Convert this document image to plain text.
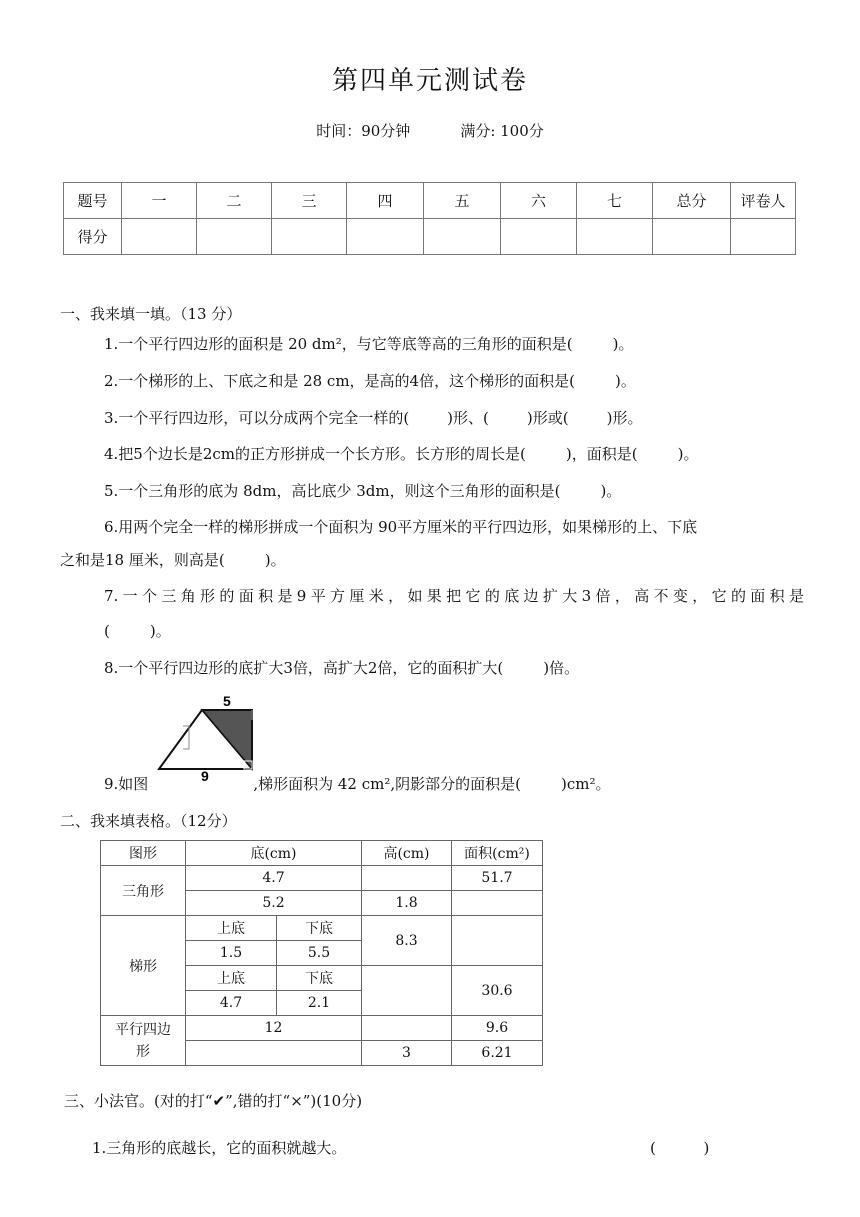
第四单元测试卷
时间：90分钟	满分: 100分
题号	一	二	三	四	五	六	七	总分	评卷人
得分									
一、我来填一填。（13 分）
1.一个平行四边形的面积是 20 dm²，与它等底等高的三角形的面积是(	)。
2.一个梯形的上、下底之和是 28 cm，是高的4倍，这个梯形的面积是(	)。
3.一个平行四边形，可以分成两个完全一样的(	)形、(	)形或(	)形。
4.把5个边长是2cm的正方形拼成一个长方形。长方形的周长是(	)，面积是(	)。
5.一个三角形的底为 8dm，高比底少 3dm，则这个三角形的面积是(	)。
6.用两个完全一样的梯形拼成一个面积为 90平方厘米的平行四边形，如果梯形的上、下底
之和是18 厘米，则高是(	)。
7.一个三角形的面积是9平方厘米，如果把它的底边扩大3倍，高不变，它的面积是
(	)。
8.一个平行四边形的底扩大3倍，高扩大2倍，它的面积扩大(	)倍。
5
9
9.如图	,梯形面积为 42 cm²,阴影部分的面积是(	)cm²。
二、我来填表格。（12分）
图形	底(cm)		高(cm)	面积(cm²)
三角形	4.7			51.7
	5.2		1.8	
梯形	上底	下底	8.3	
	1.5	5.5		
	上底	下底		30.6
	4.7	2.1		
平行四边
形	12			9.6
			3	6.21
三、小法官。(对的打“✔”,错的打“×”)(10分)
1.三角形的底越长，它的面积就越大。	(          )
